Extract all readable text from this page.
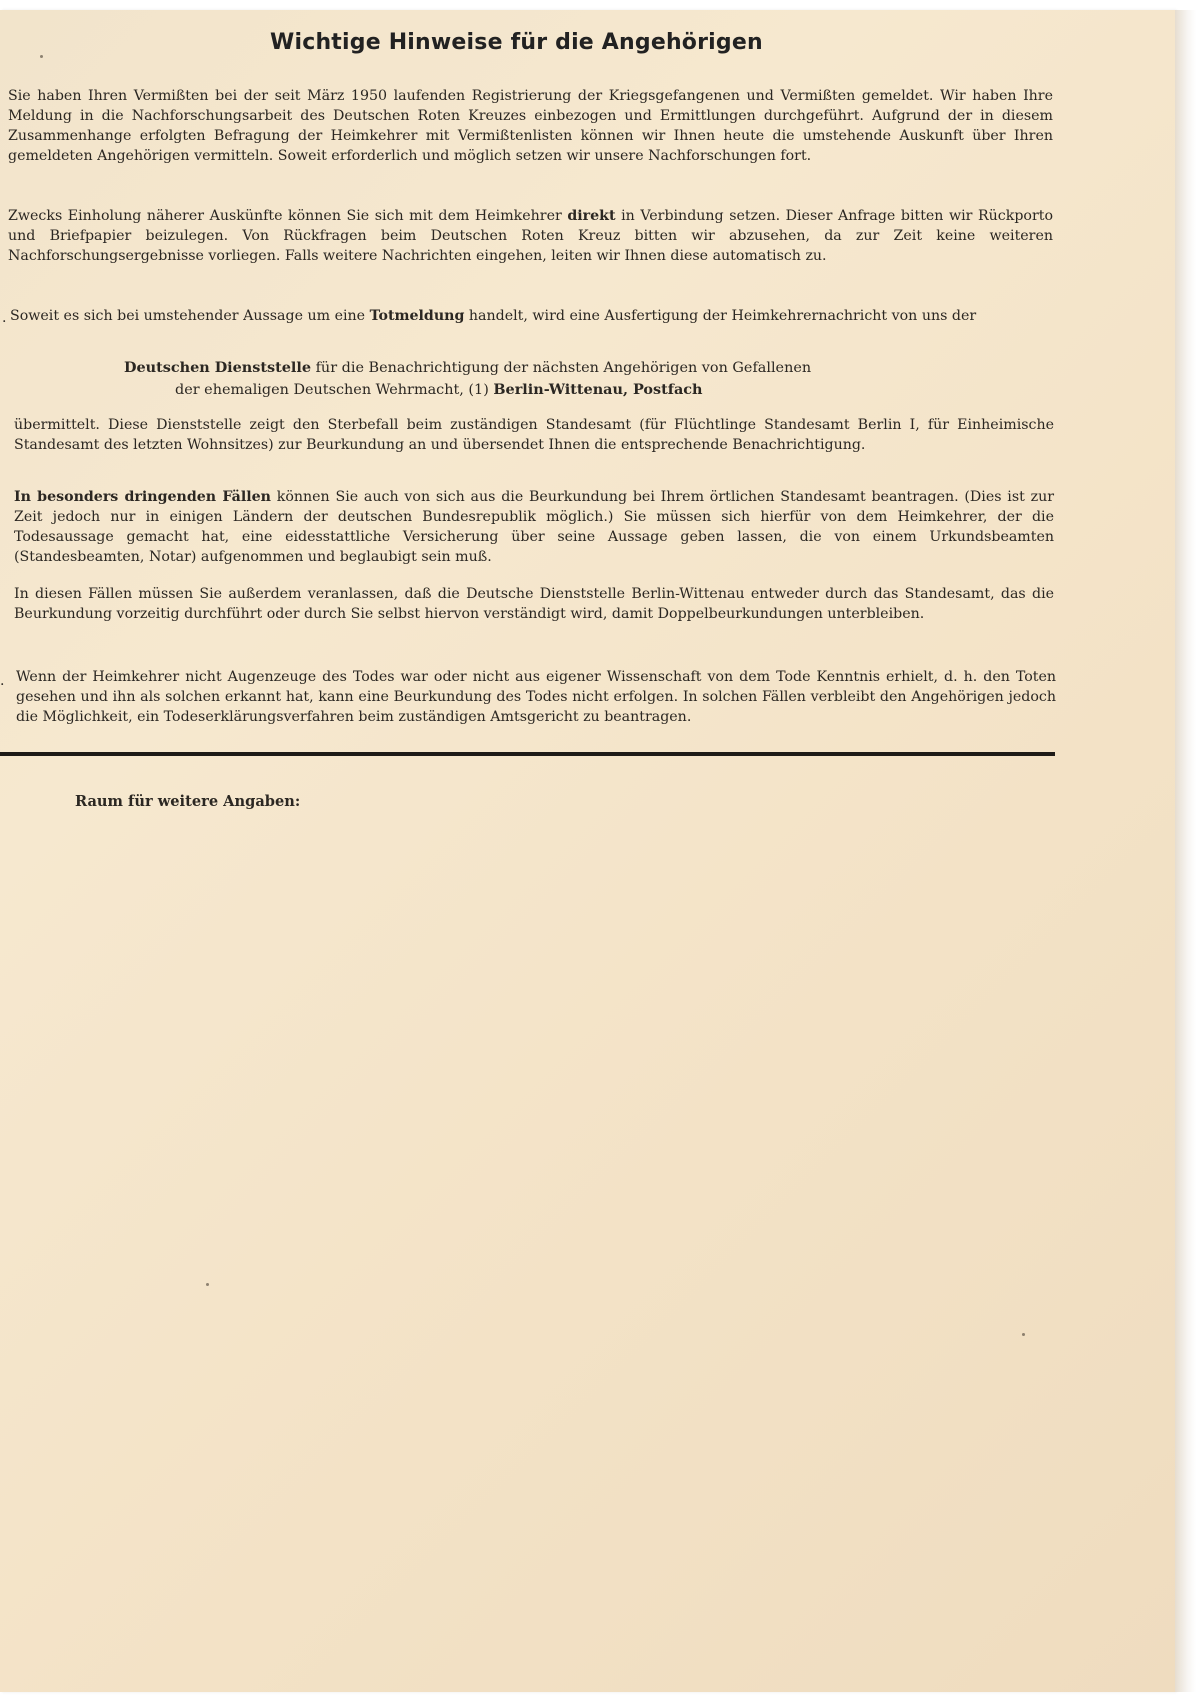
Wichtige Hinweise für die Angehörigen
Sie haben Ihren Vermißten bei der seit März 1950 laufenden Registrierung der Kriegsgefangenen und Vermißten gemeldet. Wir haben Ihre Meldung in die Nachforschungsarbeit des Deutschen Roten Kreuzes einbezogen und Ermittlungen durchgeführt. Aufgrund der in diesem Zusammenhange erfolgten Befragung der Heimkehrer mit Vermißtenlisten können wir Ihnen heute die umstehende Auskunft über Ihren gemeldeten Angehörigen vermitteln. Soweit erforderlich und möglich setzen wir unsere Nachforschungen fort.
Zwecks Einholung näherer Auskünfte können Sie sich mit dem Heimkehrer direkt in Verbindung setzen. Dieser Anfrage bitten wir Rückporto und Briefpapier beizulegen. Von Rückfragen beim Deutschen Roten Kreuz bitten wir abzusehen, da zur Zeit keine weiteren Nachforschungsergebnisse vorliegen. Falls weitere Nachrichten eingehen, leiten wir Ihnen diese automatisch zu.
. Soweit es sich bei umstehender Aussage um eine Totmeldung handelt, wird eine Ausfertigung der Heimkehrernachricht von uns der
Deutschen Dienststelle für die Benachrichtigung der nächsten Angehörigen von Gefallenen
der ehemaligen Deutschen Wehrmacht, (1) Berlin-Wittenau, Postfach
übermittelt. Diese Dienststelle zeigt den Sterbefall beim zuständigen Standesamt (für Flüchtlinge Standesamt Berlin I, für Einheimische Standesamt des letzten Wohnsitzes) zur Beurkundung an und übersendet Ihnen die entsprechende Benachrichtigung.
In besonders dringenden Fällen können Sie auch von sich aus die Beurkundung bei Ihrem örtlichen Standesamt beantragen. (Dies ist zur Zeit jedoch nur in einigen Ländern der deutschen Bundesrepublik möglich.) Sie müssen sich hierfür von dem Heimkehrer, der die Todesaussage gemacht hat, eine eidesstattliche Versicherung über seine Aussage geben lassen, die von einem Urkundsbeamten (Standesbeamten, Notar) aufgenommen und beglaubigt sein muß.
In diesen Fällen müssen Sie außerdem veranlassen, daß die Deutsche Dienststelle Berlin-Wittenau entweder durch das Standesamt, das die Beurkundung vorzeitig durchführt oder durch Sie selbst hiervon verständigt wird, damit Doppelbeurkundungen unterbleiben.
. Wenn der Heimkehrer nicht Augenzeuge des Todes war oder nicht aus eigener Wissenschaft von dem Tode Kenntnis erhielt, d. h. den Toten gesehen und ihn als solchen erkannt hat, kann eine Beurkundung des Todes nicht erfolgen. In solchen Fällen verbleibt den Angehörigen jedoch die Möglichkeit, ein Todeserklärungsverfahren beim zuständigen Amtsgericht zu beantragen.
Raum für weitere Angaben:
